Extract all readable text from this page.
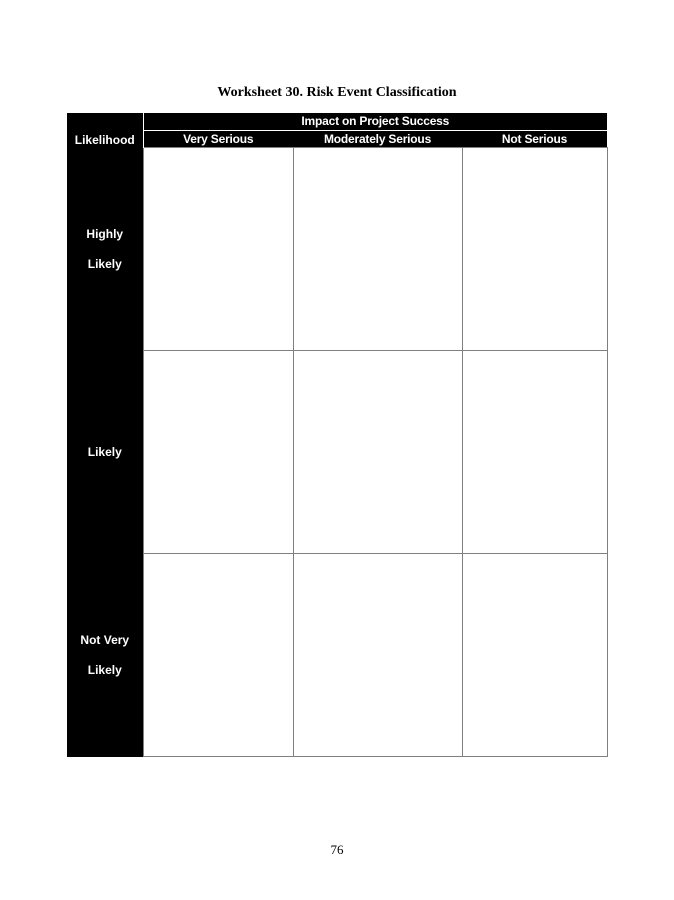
Worksheet 30. Risk Event Classification
Likelihood	Impact on Project Success		
	Very Serious	Moderately Serious	Not Serious

Highly
Likely			

Likely			

Not Very
Likely			

76
